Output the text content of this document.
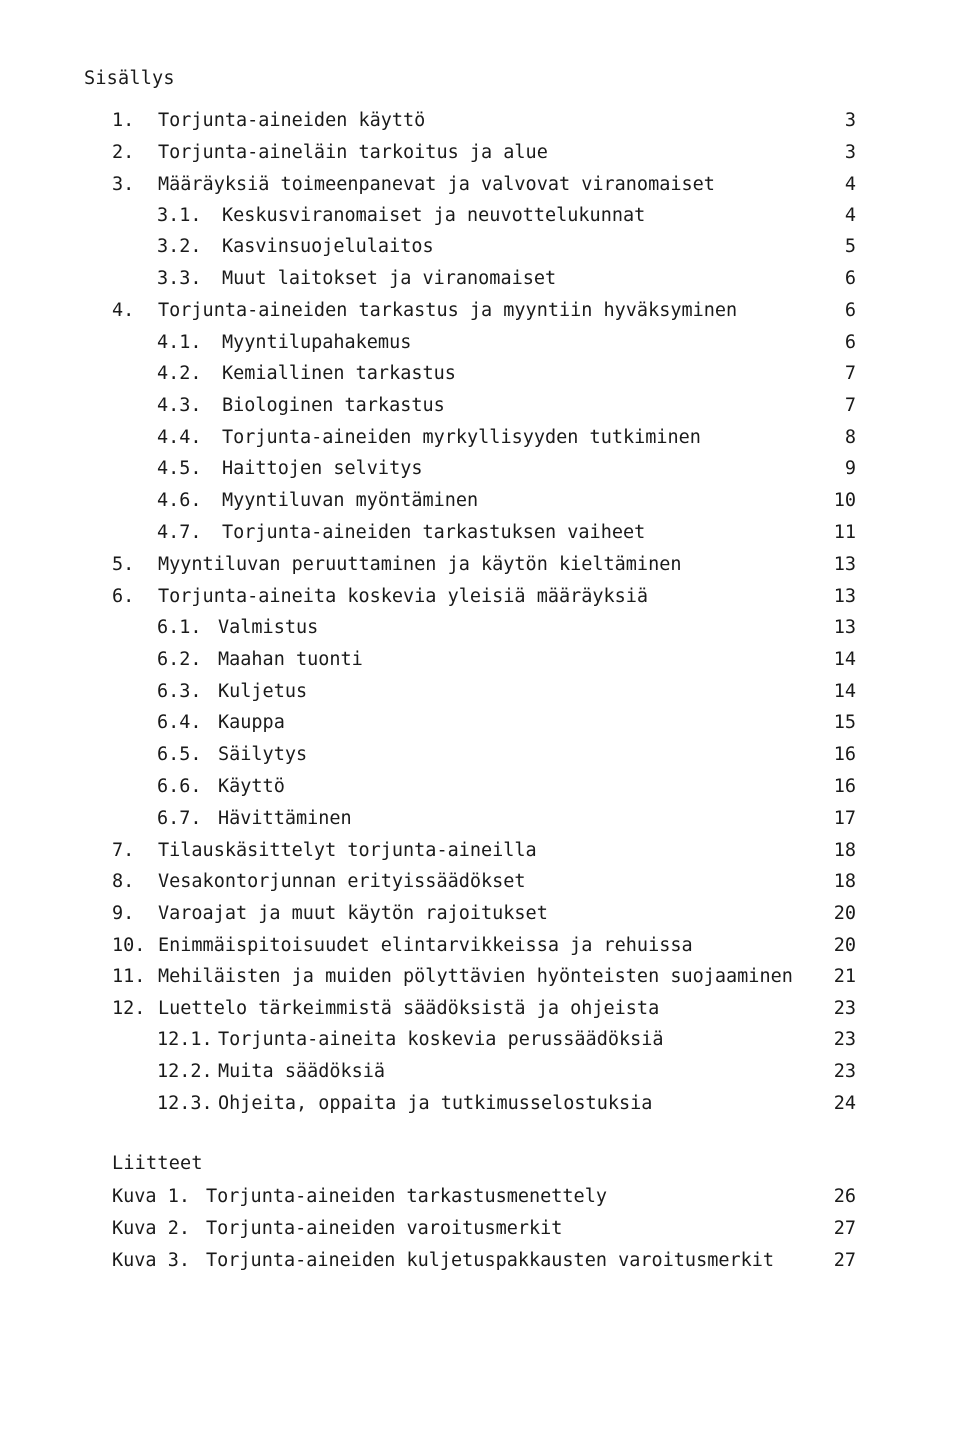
Sisällys
1. Torjunta-aineiden käyttö	3
2. Torjunta-aineläin tarkoitus ja alue	3
3. Määräyksiä toimeenpanevat ja valvovat viranomaiset	4
3.1. Keskusviranomaiset ja neuvottelukunnat	4
3.2. Kasvinsuojelulaitos	5
3.3. Muut laitokset ja viranomaiset	6
4. Torjunta-aineiden tarkastus ja myyntiin hyväksyminen	6
4.1. Myyntilupahakemus	6
4.2. Kemiallinen tarkastus	7
4.3. Biologinen tarkastus	7
4.4. Torjunta-aineiden myrkyllisyyden tutkiminen	8
4.5. Haittojen selvitys	9
4.6. Myyntiluvan myöntäminen	10
4.7. Torjunta-aineiden tarkastuksen vaiheet	11
5. Myyntiluvan peruuttaminen ja käytön kieltäminen	13
6. Torjunta-aineita koskevia yleisiä määräyksiä	13
6.1. Valmistus	13
6.2. Maahan tuonti	14
6.3. Kuljetus	14
6.4. Kauppa	15
6.5. Säilytys	16
6.6. Käyttö	16
6.7. Hävittäminen	17
7. Tilauskäsittelyt torjunta-aineilla	18
8. Vesakontorjunnan erityissäädökset	18
9. Varoajat ja muut käytön rajoitukset	20
10. Enimmäispitoisuudet elintarvikkeissa ja rehuissa	20
11. Mehiläisten ja muiden pölyttävien hyönteisten suojaaminen 21
12. Luettelo tärkeimmistä säädöksistä ja ohjeista	23
12.1. Torjunta-aineita koskevia perussäädöksiä	23
12.2. Muita säädöksiä	23
12.3. Ohjeita, oppaita ja tutkimusselostuksia	24
Liitteet
Kuva 1. Torjunta-aineiden tarkastusmenettely	26
Kuva 2. Torjunta-aineiden varoitusmerkit	27
Kuva 3. Torjunta-aineiden kuljetuspakkausten varoitusmerkit	27
